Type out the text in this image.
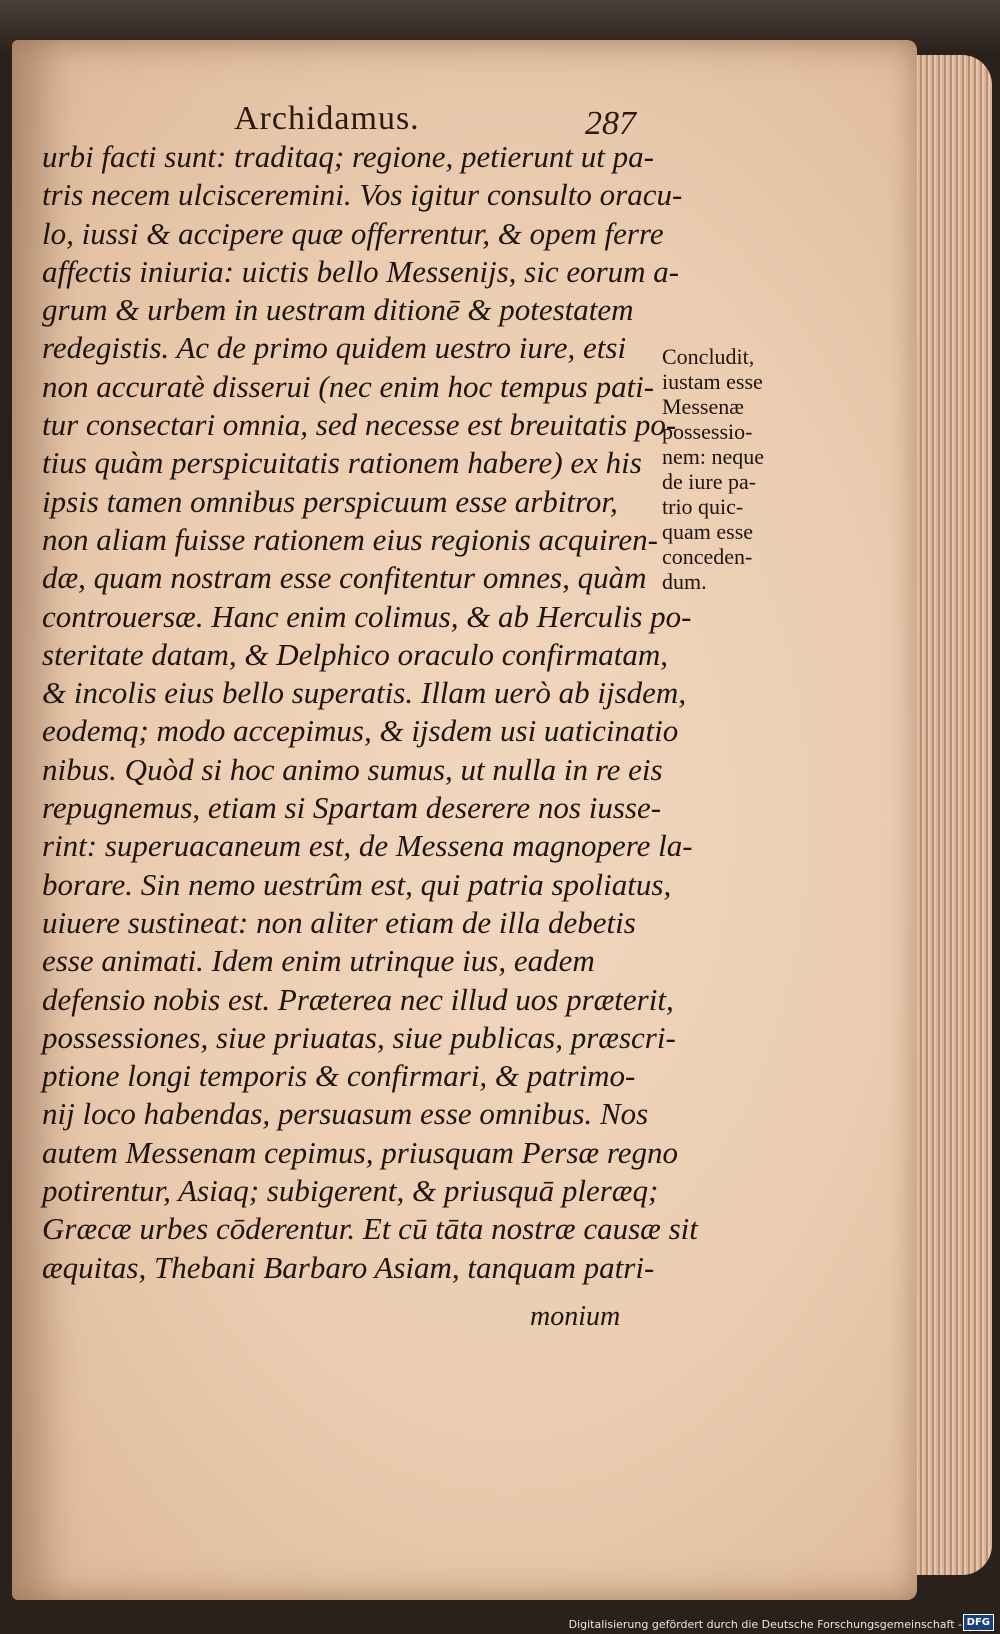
Archidamus.	287
urbi facti sunt: traditaq; regione, petierunt ut pa-
tris necem ulcisceremini. Vos igitur consulto oracu-
lo, iussi & accipere quæ offerrentur, & opem ferre
affectis iniuria: uictis bello Messenijs, sic eorum a-
grum & urbem in uestram ditionē & potestatem
redegistis. Ac de primo quidem uestro iure, etsi
non accuratè disserui (nec enim hoc tempus pati-
tur consectari omnia, sed necesse est breuitatis po-
tius quàm perspicuitatis rationem habere) ex his
ipsis tamen omnibus perspicuum esse arbitror,
non aliam fuisse rationem eius regionis acquiren-
dæ, quam nostram esse confitentur omnes, quàm
controuersæ. Hanc enim colimus, & ab Herculis po-
steritate datam, & Delphico oraculo confirmatam,
& incolis eius bello superatis. Illam uerò ab ijsdem,
eodemq; modo accepimus, & ijsdem usi uaticinatio
nibus. Quòd si hoc animo sumus, ut nulla in re eis
repugnemus, etiam si Spartam deserere nos iusse-
rint: superuacaneum est, de Messena magnopere la-
borare. Sin nemo uestrûm est, qui patria spoliatus,
uiuere sustineat: non aliter etiam de illa debetis
esse animati. Idem enim utrinque ius, eadem
defensio nobis est. Præterea nec illud uos præterit,
possessiones, siue priuatas, siue publicas, præscri-
ptione longi temporis & confirmari, & patrimo-
nij loco habendas, persuasum esse omnibus. Nos
autem Messenam cepimus, priusquam Persæ regno
potirentur, Asiaq; subigerent, & priusquā pleræq;
Græcæ urbes cōderentur. Et cū tāta nostræ causæ sit
æquitas, Thebani Barbaro Asiam, tanquam patri-
monium
Concludit,
iustam esse
Messenæ
possessio-
nem: neque
de iure pa-
trio quic-
quam esse
conceden-
dum.
Digitalisierung gefördert durch die Deutsche Forschungsgemeinschaft - DFG
